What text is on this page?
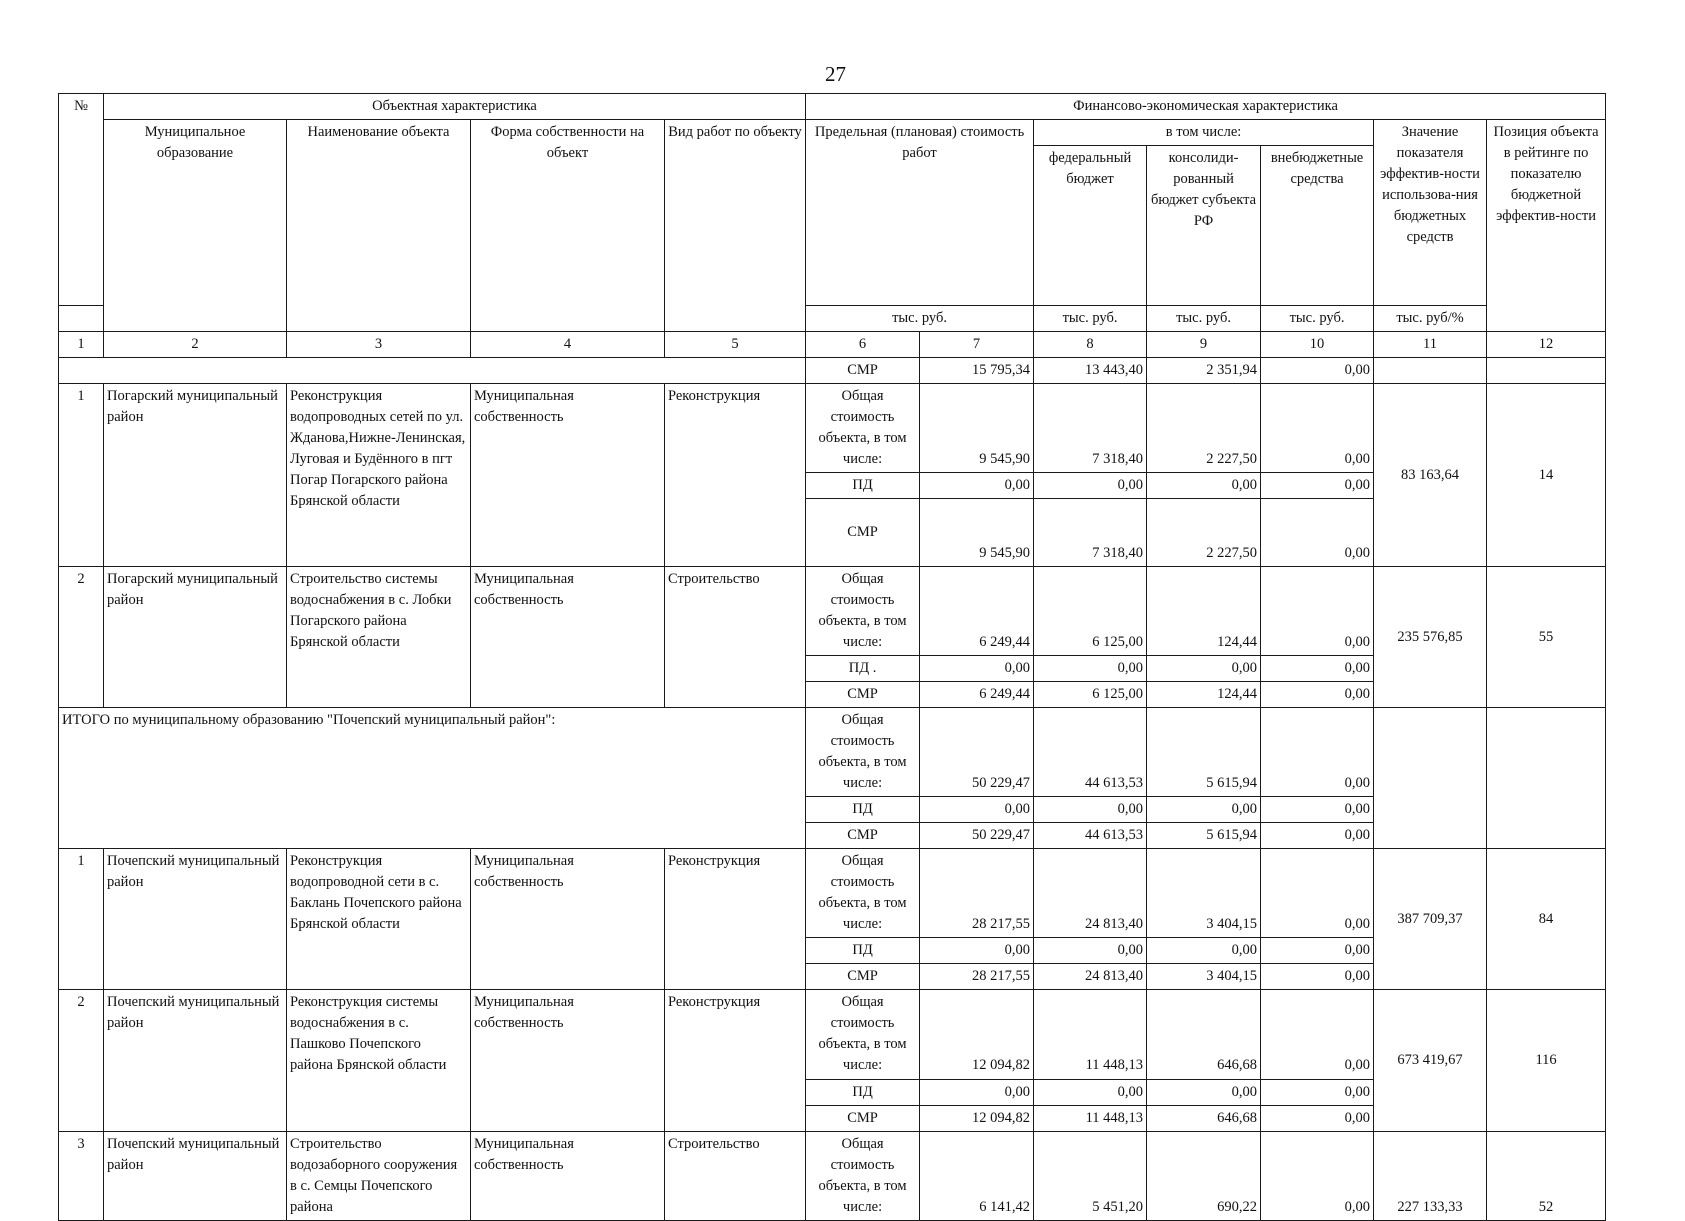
27
№	Объектная характеристика				Финансово-экономическая характеристика						
	Муниципальное образование	Наименование объекта	Форма собственности на объект	Вид работ по объекту	Предельная (плановая) стоимость работ		в том числе:			Значение показателя эффектив-ности использова-ния бюджетных средств	Позиция объекта в рейтинге по показателю бюджетной эффектив-ности
							федеральный бюджет	консолиди-рованный бюджет субъекта РФ	внебюджетные средства		
					тыс. руб.		тыс. руб.	тыс. руб.	тыс. руб.	тыс. руб/%	
1	2	3	4	5	6	7	8	9	10	11	12
					СМР	15 795,34	13 443,40	2 351,94	0,00		
1	Погарский муниципальный район	Реконструкция водопроводных сетей по ул. Жданова,Нижне-Ленинская, Луговая и Будённого в пгт Погар Погарского района Брянской области	Муниципальная собственность	Реконструкция	Общая стоимость объекта, в том числе:	9 545,90	7 318,40	2 227,50	0,00	83 163,64	14
					ПД	0,00	0,00	0,00	0,00		
					СМР	9 545,90	7 318,40	2 227,50	0,00		
2	Погарский муниципальный район	Строительство системы водоснабжения в с. Лобки Погарского района Брянской области	Муниципальная собственность	Строительство	Общая стоимость объекта, в том числе:	6 249,44	6 125,00	124,44	0,00	235 576,85	55
					ПД .	0,00	0,00	0,00	0,00		
					СМР	6 249,44	6 125,00	124,44	0,00		
ИТОГО по муниципальному образованию "Почепский муниципальный район":					Общая стоимость объекта, в том числе:	50 229,47	44 613,53	5 615,94	0,00		
					ПД	0,00	0,00	0,00	0,00		
					СМР	50 229,47	44 613,53	5 615,94	0,00		
1	Почепский муниципальный район	Реконструкция водопроводной сети в с. Баклань Почепского района Брянской области	Муниципальная собственность	Реконструкция	Общая стоимость объекта, в том числе:	28 217,55	24 813,40	3 404,15	0,00	387 709,37	84
					ПД	0,00	0,00	0,00	0,00		
					СМР	28 217,55	24 813,40	3 404,15	0,00		
2	Почепский муниципальный район	Реконструкция системы водоснабжения в с. Пашково Почепского района Брянской области	Муниципальная собственность	Реконструкция	Общая стоимость объекта, в том числе:	12 094,82	11 448,13	646,68	0,00	673 419,67	116
					ПД	0,00	0,00	0,00	0,00		
					СМР	12 094,82	11 448,13	646,68	0,00		
3	Почепский муниципальный район	Строительство водозаборного сооружения в с. Семцы Почепского района	Муниципальная собственность	Строительство	Общая стоимость объекта, в том числе:	6 141,42	5 451,20	690,22	0,00	227 133,33	52
